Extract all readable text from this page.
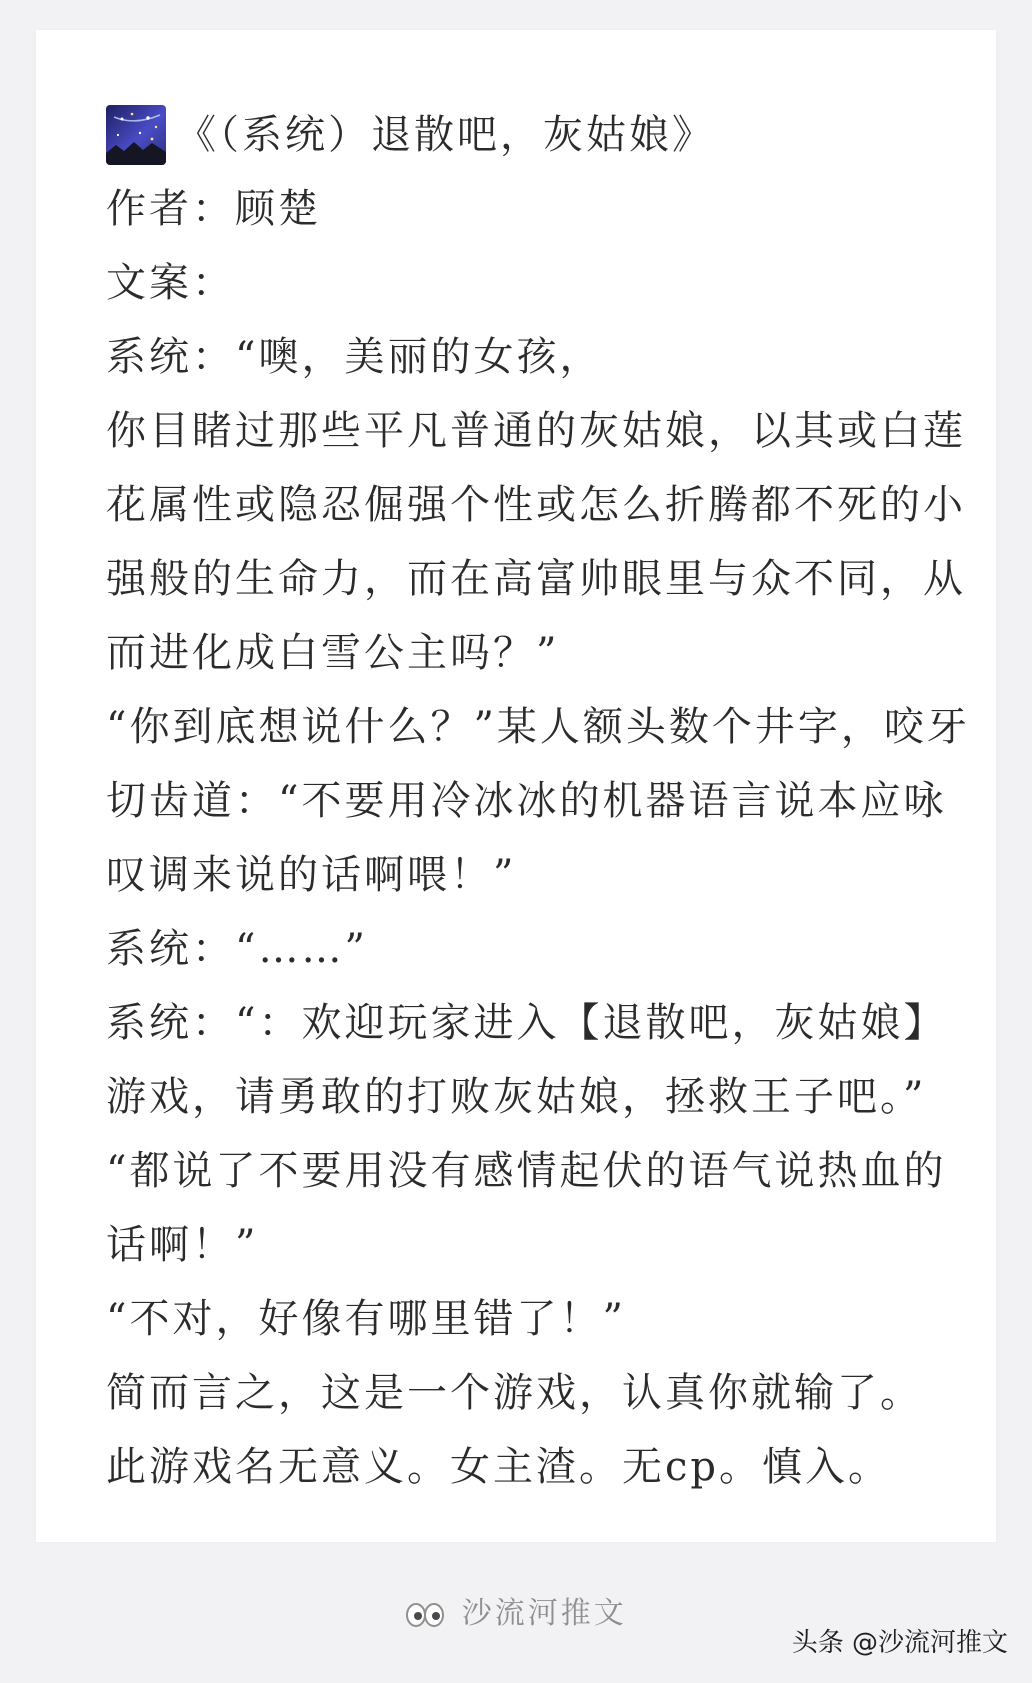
《（系统）退散吧，灰姑娘》
作者：顾楚
文案：

系统：“噢，美丽的女孩，

你目睹过那些平凡普通的灰姑娘，以其或白莲花属性或隐忍倔强个性或怎么折腾都不死的小强般的生命力，而在高富帅眼里与众不同，从而进化成白雪公主吗？”

“你到底想说什么？”某人额头数个井字，咬牙切齿道：“不要用冷冰冰的机器语言说本应咏叹调来说的话啊喂！”

系统：“……”

系统：“：欢迎玩家进入【退散吧，灰姑娘】游戏，请勇敢的打败灰姑娘，拯救王子吧。”

“都说了不要用没有感情起伏的语气说热血的话啊！”

“不对，好像有哪里错了！”

简而言之，这是一个游戏，认真你就输了。

此游戏名无意义。女主渣。无cp。慎入。

沙流河推文
头条 @沙流河推文
